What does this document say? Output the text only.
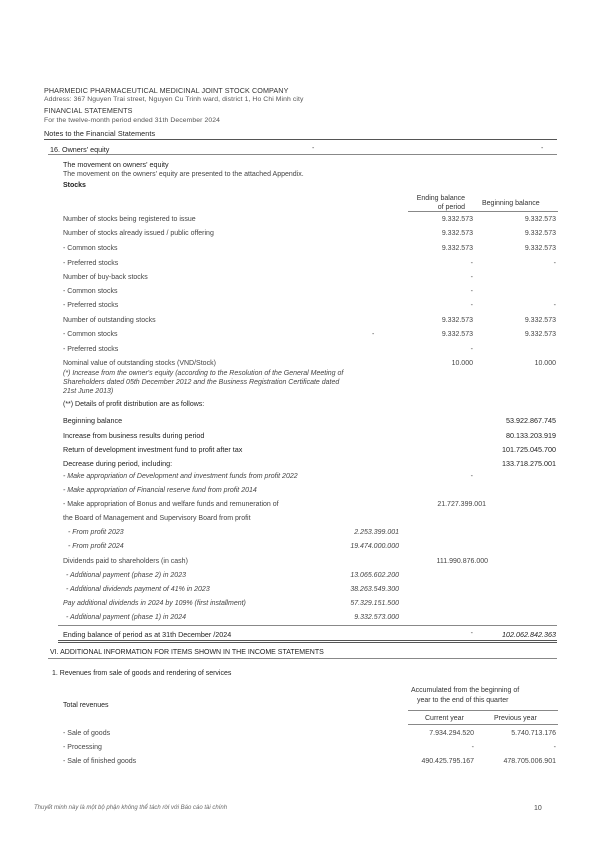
PHARMEDIC PHARMACEUTICAL MEDICINAL JOINT STOCK COMPANY
Address: 367 Nguyen Trai street, Nguyen Cu Trinh ward, district 1, Ho Chi Minh city
FINANCIAL STATEMENTS
For the twelve-month period ended 31th December 2024
Notes to the Financial Statements
16. Owners' equity	-	-
The movement on owners' equity
The movement on the owners' equity are presented to the attached Appendix.
Stocks
Ending balance
of period
Beginning balance
Number of stocks being registered to issue	9.332.573	9.332.573
Number of stocks already issued / public offering	9.332.573	9.332.573
- Common stocks	9.332.573	9.332.573
- Preferred stocks	-	-
Number of buy-back stocks	-
- Common stocks	-
- Preferred stocks	-	-
Number of outstanding stocks	9.332.573	9.332.573
- Common stocks	-	9.332.573	9.332.573
- Preferred stocks	-
Nominal value of outstanding stocks (VND/Stock)	10.000	10.000
(*) Increase from the owner's equity (according to the Resolution of the General Meeting of
Shareholders dated 05th December 2012 and the Business Registration Certificate dated
21st June 2013)
(**) Details of profit distribution are as follows:
Beginning balance	53.922.867.745
Increase from business results during period	80.133.203.919
Return of development investment fund to profit after tax	101.725.045.700
Decrease during period, including:	133.718.275.001
- Make appropriation of Development and investment funds from profit 2022	-
- Make appropriation of Financial reserve fund from profit 2014
- Make appropriation of Bonus and welfare funds and remuneration of	21.727.399.001
the Board of Management and Supervisory Board from profit
- From profit 2023	2.253.399.001
- From profit 2024	19.474.000.000
Dividends paid to shareholders (in cash)	111.990.876.000
- Additional payment (phase 2) in 2023	13.065.602.200
- Additional dividends payment of 41% in 2023	38.263.549.300
Pay additional dividends in 2024 by 109% (first installment)	57.329.151.500
- Additional payment (phase 1) in 2024	9.332.573.000
Ending balance of period as at 31th December /2024	-	102.062.842.363
VI. ADDITIONAL INFORMATION FOR ITEMS SHOWN IN THE INCOME STATEMENTS
1. Revenues from sale of goods and rendering of services
Accumulated from the beginning of
year to the end of this quarter
Total revenues
Current year	Previous year
- Sale of goods	7.934.294.520	5.740.713.176
- Processing	-	-
- Sale of finished goods	490.425.795.167	478.705.006.901
Thuyết minh này là một bộ phận không thể tách rời với Báo cáo tài chính	10
